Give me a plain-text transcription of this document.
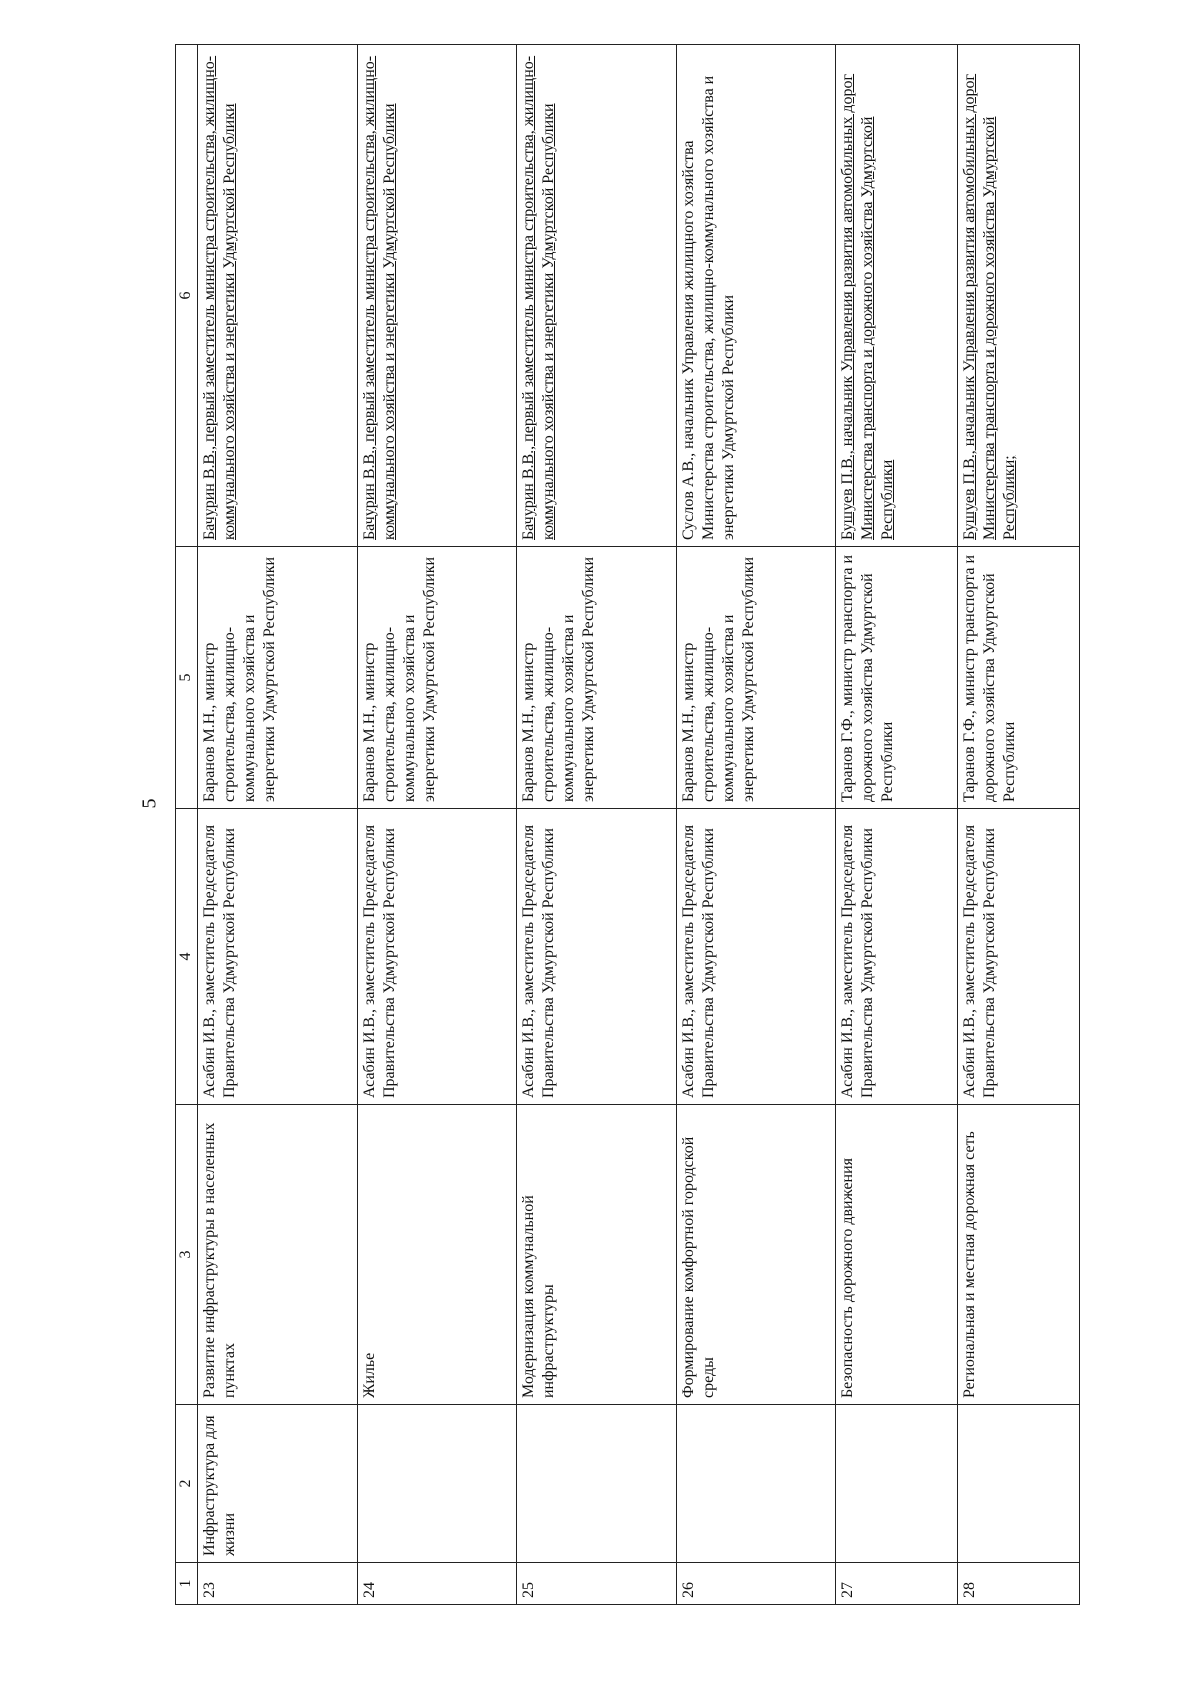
5
1	2	3	4	5	6
23	Инфраструктура для жизни	Развитие инфраструктуры в населенных пунктах	Асабин И.В., заместитель Председателя Правительства Удмуртской Республики	Баранов М.Н., министр строительства, жилищно-коммунального хозяйства и энергетики Удмуртской Республики	Бачурин В.В., первый заместитель министра строительства, жилищно-коммунального хозяйства и энергетики Удмуртской Республики
24		Жилье	Асабин И.В., заместитель Председателя Правительства Удмуртской Республики	Баранов М.Н., министр строительства, жилищно-коммунального хозяйства и энергетики Удмуртской Республики	Бачурин В.В., первый заместитель министра строительства, жилищно-коммунального хозяйства и энергетики Удмуртской Республики
25		Модернизация коммунальной инфраструктуры	Асабин И.В., заместитель Председателя Правительства Удмуртской Республики	Баранов М.Н., министр строительства, жилищно-коммунального хозяйства и энергетики Удмуртской Республики	Бачурин В.В., первый заместитель министра строительства, жилищно-коммунального хозяйства и энергетики Удмуртской Республики
26		Формирование комфортной городской среды	Асабин И.В., заместитель Председателя Правительства Удмуртской Республики	Баранов М.Н., министр строительства, жилищно-коммунального хозяйства и энергетики Удмуртской Республики	Суслов А.В., начальник Управления жилищного хозяйства Министерства строительства, жилищно-коммунального хозяйства и энергетики Удмуртской Республики
27		Безопасность дорожного движения	Асабин И.В., заместитель Председателя Правительства Удмуртской Республики	Таранов Г.Ф., министр транспорта и дорожного хозяйства Удмуртской Республики	Бушуев П.В., начальник Управления развития автомобильных дорог Министерства транспорта и дорожного хозяйства Удмуртской Республики
28		Региональная и местная дорожная сеть	Асабин И.В., заместитель Председателя Правительства Удмуртской Республики	Таранов Г.Ф., министр транспорта и дорожного хозяйства Удмуртской Республики	Бушуев П.В., начальник Управления развития автомобильных дорог Министерства транспорта и дорожного хозяйства Удмуртской Республики;
